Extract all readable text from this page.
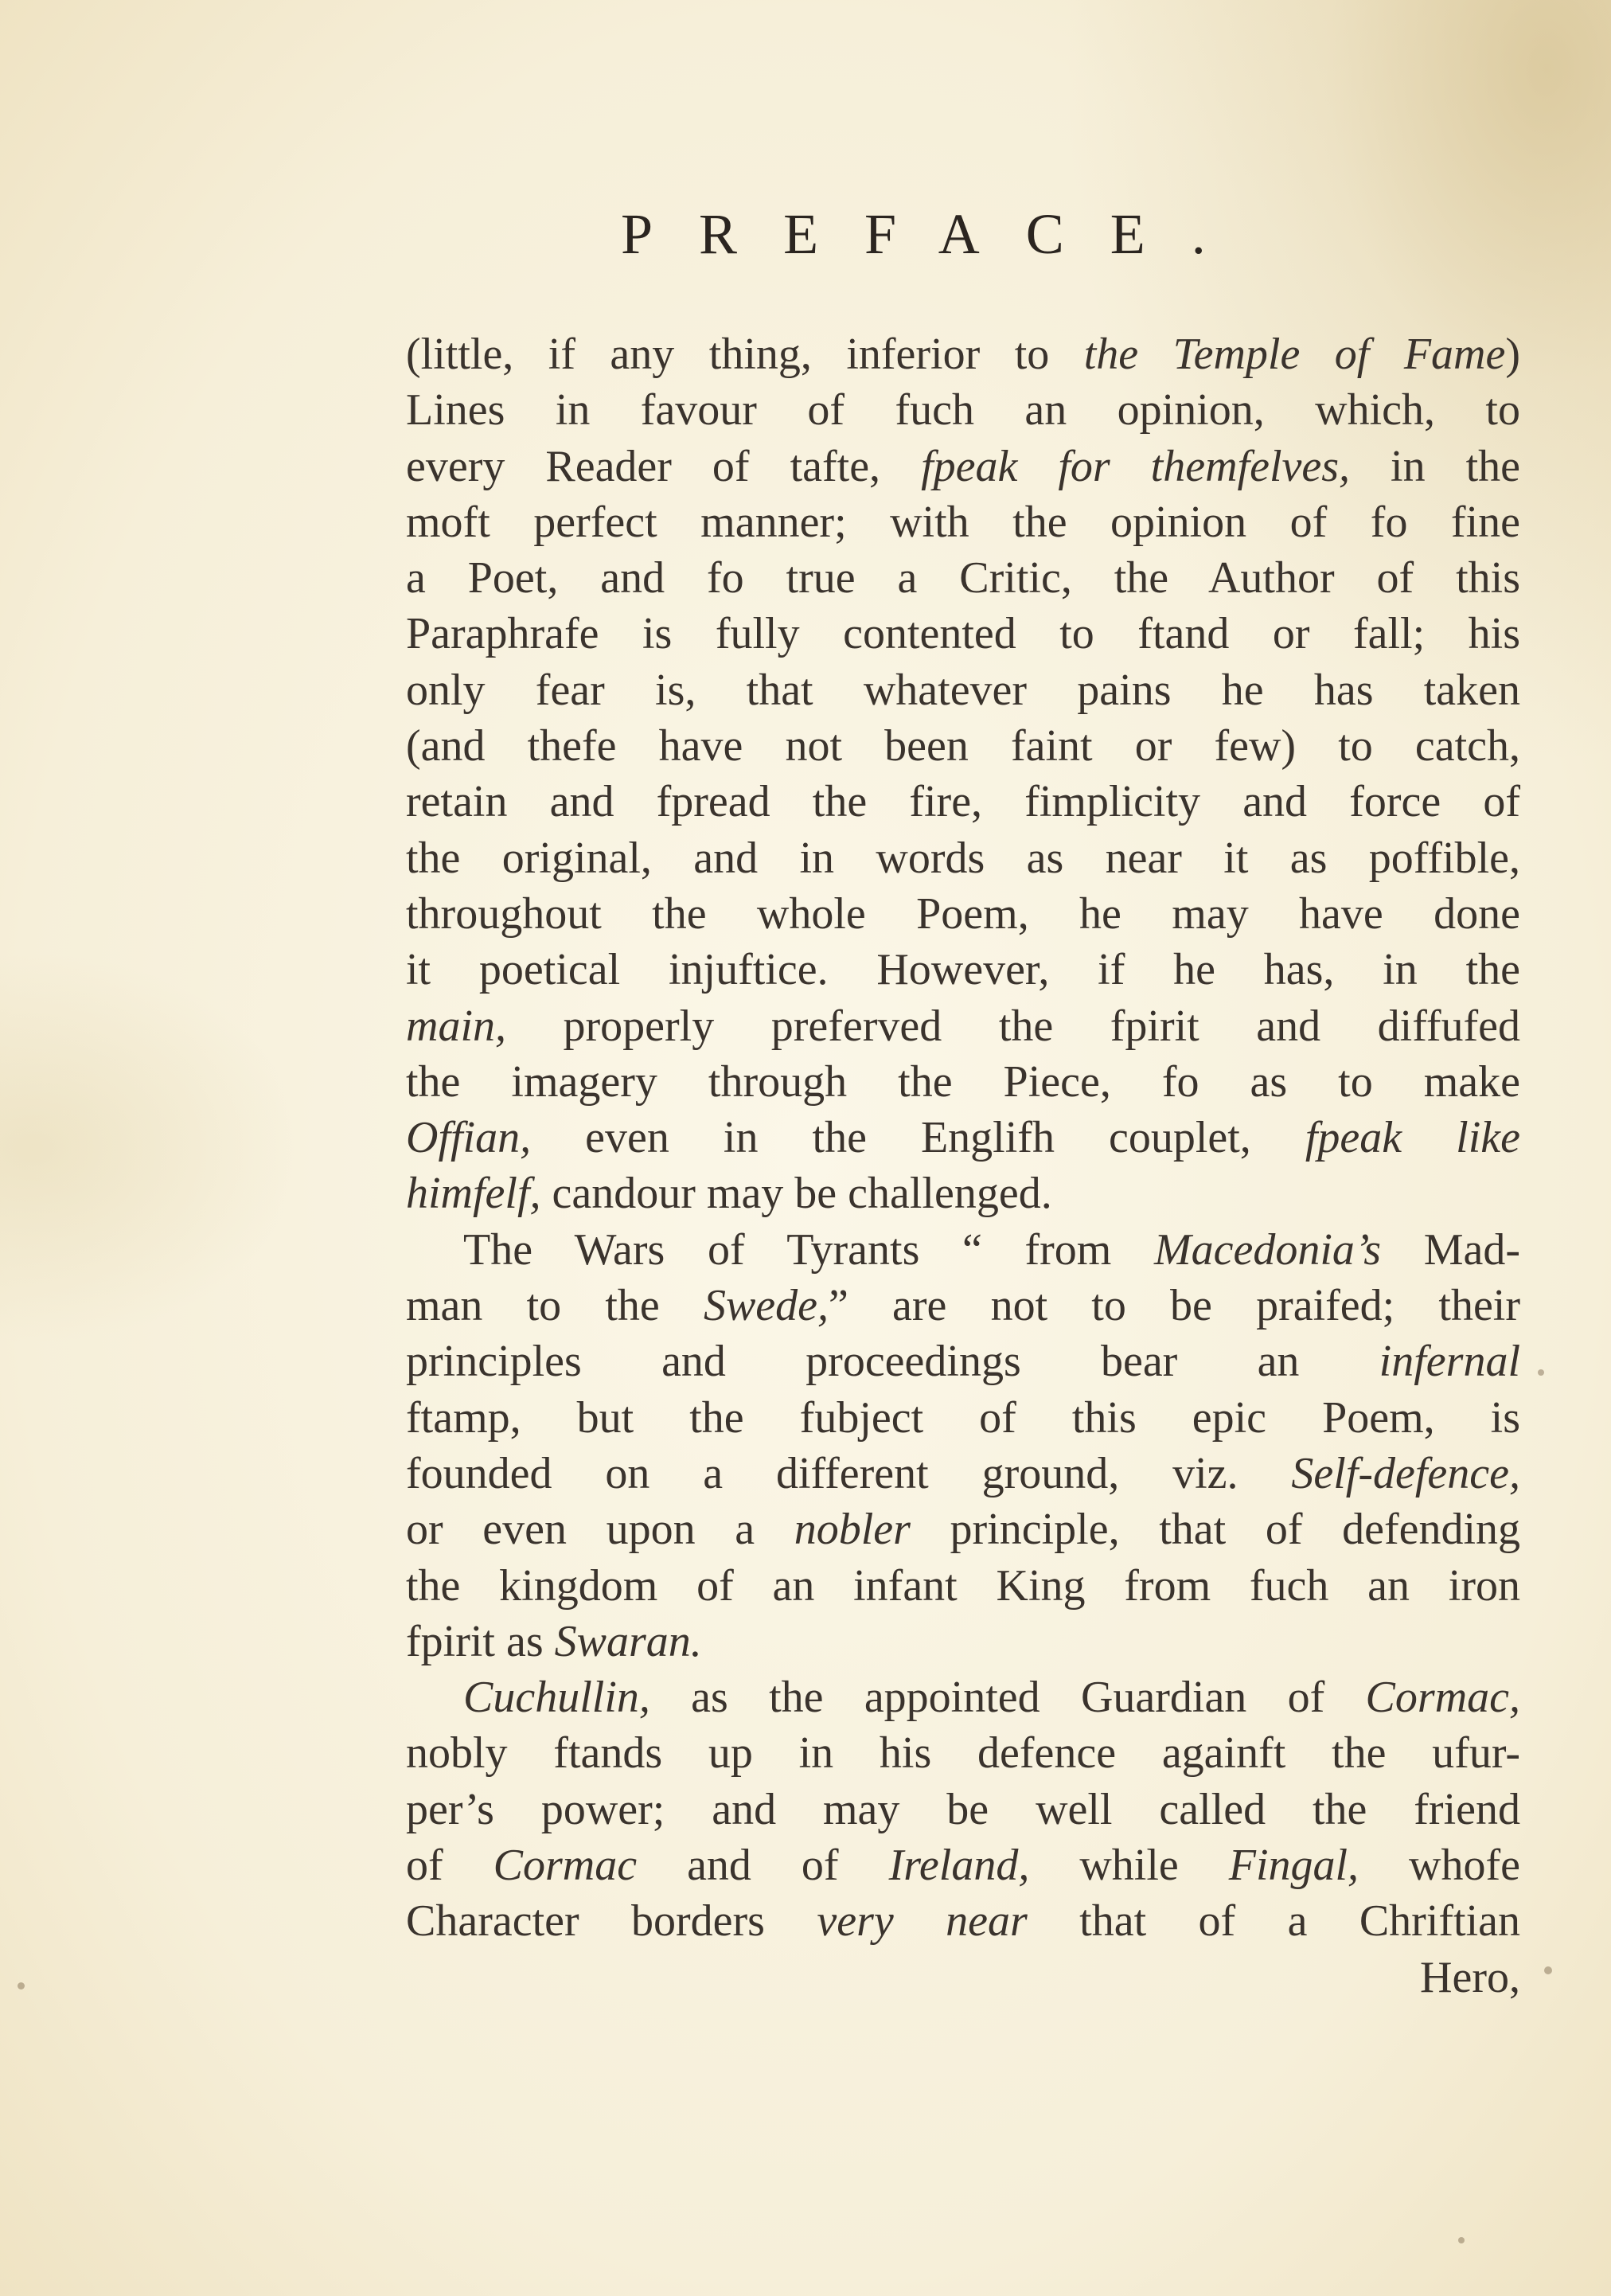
PREFACE.
(little, if any thing, inferior to the Temple of Fame)
Lines in favour of fuch an opinion, which, to
every Reader of tafte, fpeak for themfelves, in the
moft perfect manner; with the opinion of fo fine
a Poet, and fo true a Critic, the Author of this
Paraphrafe is fully contented to ftand or fall; his
only fear is, that whatever pains he has taken
(and thefe have not been faint or few) to catch,
retain and fpread the fire, fimplicity and force of
the original, and in words as near it as poffible,
throughout the whole Poem, he may have done
it poetical injuftice. However, if he has, in the
main, properly preferved the fpirit and diffufed
the imagery through the Piece, fo as to make
Offian, even in the Englifh couplet, fpeak like
himfelf, candour may be challenged.
The Wars of Tyrants “ from Macedonia’s Mad-
man to the Swede,” are not to be praifed; their
principles and proceedings bear an infernal
ftamp, but the fubject of this epic Poem, is
founded on a different ground, viz. Self-defence,
or even upon a nobler principle, that of defending
the kingdom of an infant King from fuch an iron
fpirit as Swaran.
Cuchullin, as the appointed Guardian of Cormac,
nobly ftands up in his defence againft the ufur-
per’s power; and may be well called the friend
of Cormac and of Ireland, while Fingal, whofe
Character borders very near that of a Chriftian
Hero,
